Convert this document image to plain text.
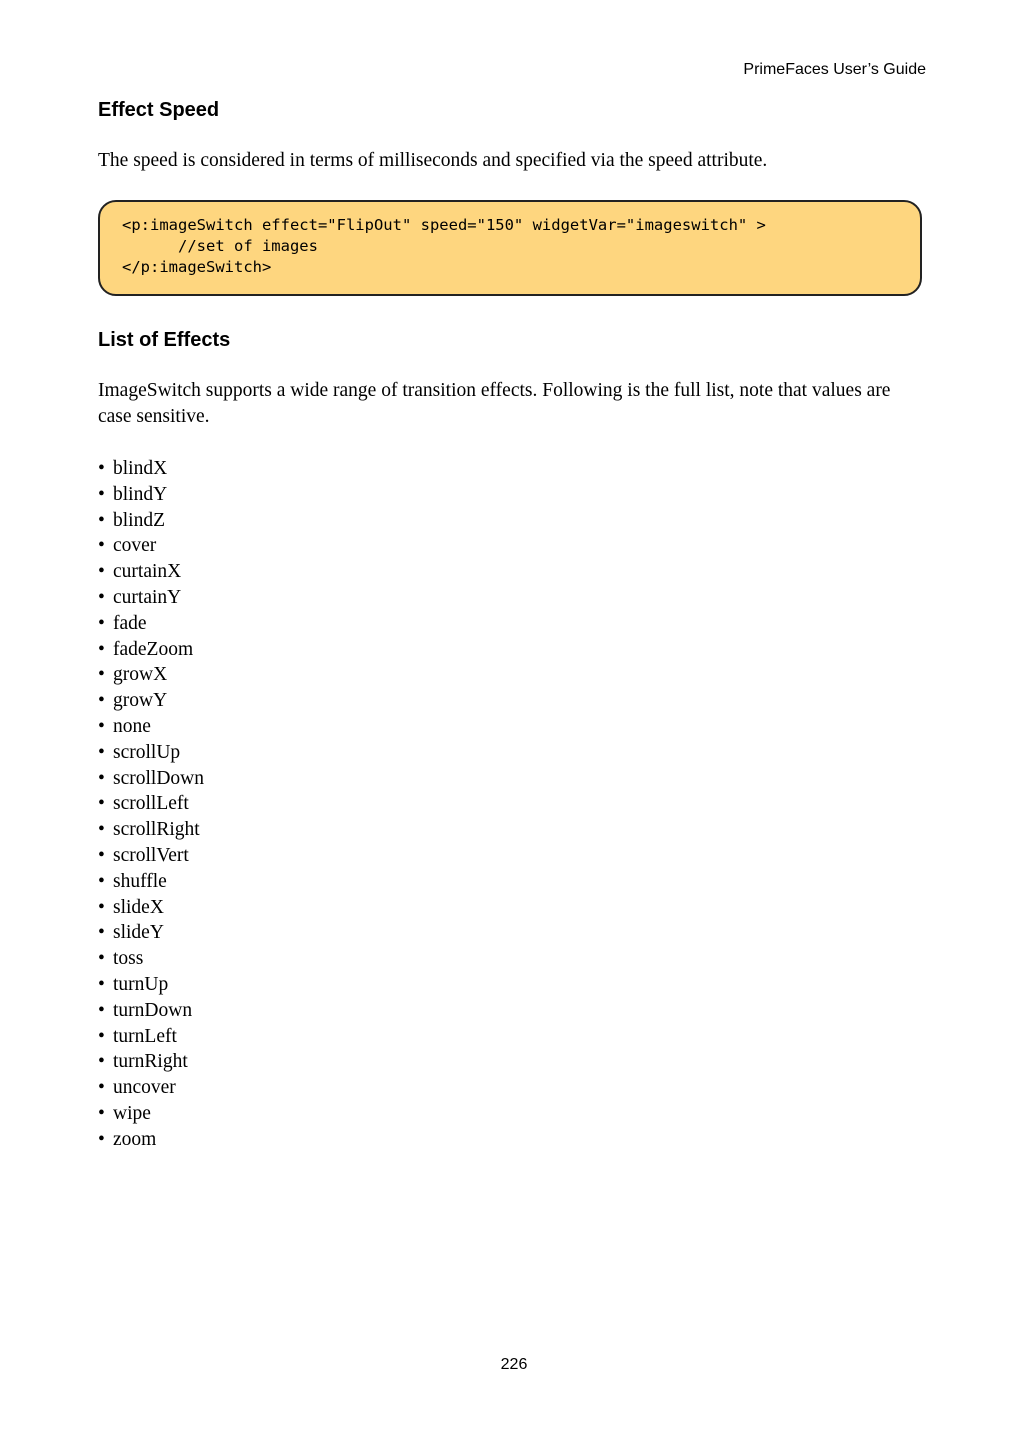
PrimeFaces User’s Guide
Effect Speed

The speed is considered in terms of milliseconds and specified via the speed attribute.

<p:imageSwitch effect="FlipOut" speed="150" widgetVar="imageswitch" >
//set of images
</p:imageSwitch>
List of Effects

ImageSwitch supports a wide range of transition effects. Following is the full list, note that values are case sensitive.

• blindX
• blindY
• blindZ
• cover
• curtainX
• curtainY
• fade
• fadeZoom
• growX
• growY
• none
• scrollUp
• scrollDown
• scrollLeft
• scrollRight
• scrollVert
• shuffle
• slideX
• slideY
• toss
• turnUp
• turnDown
• turnLeft
• turnRight
• uncover
• wipe
• zoom
226
